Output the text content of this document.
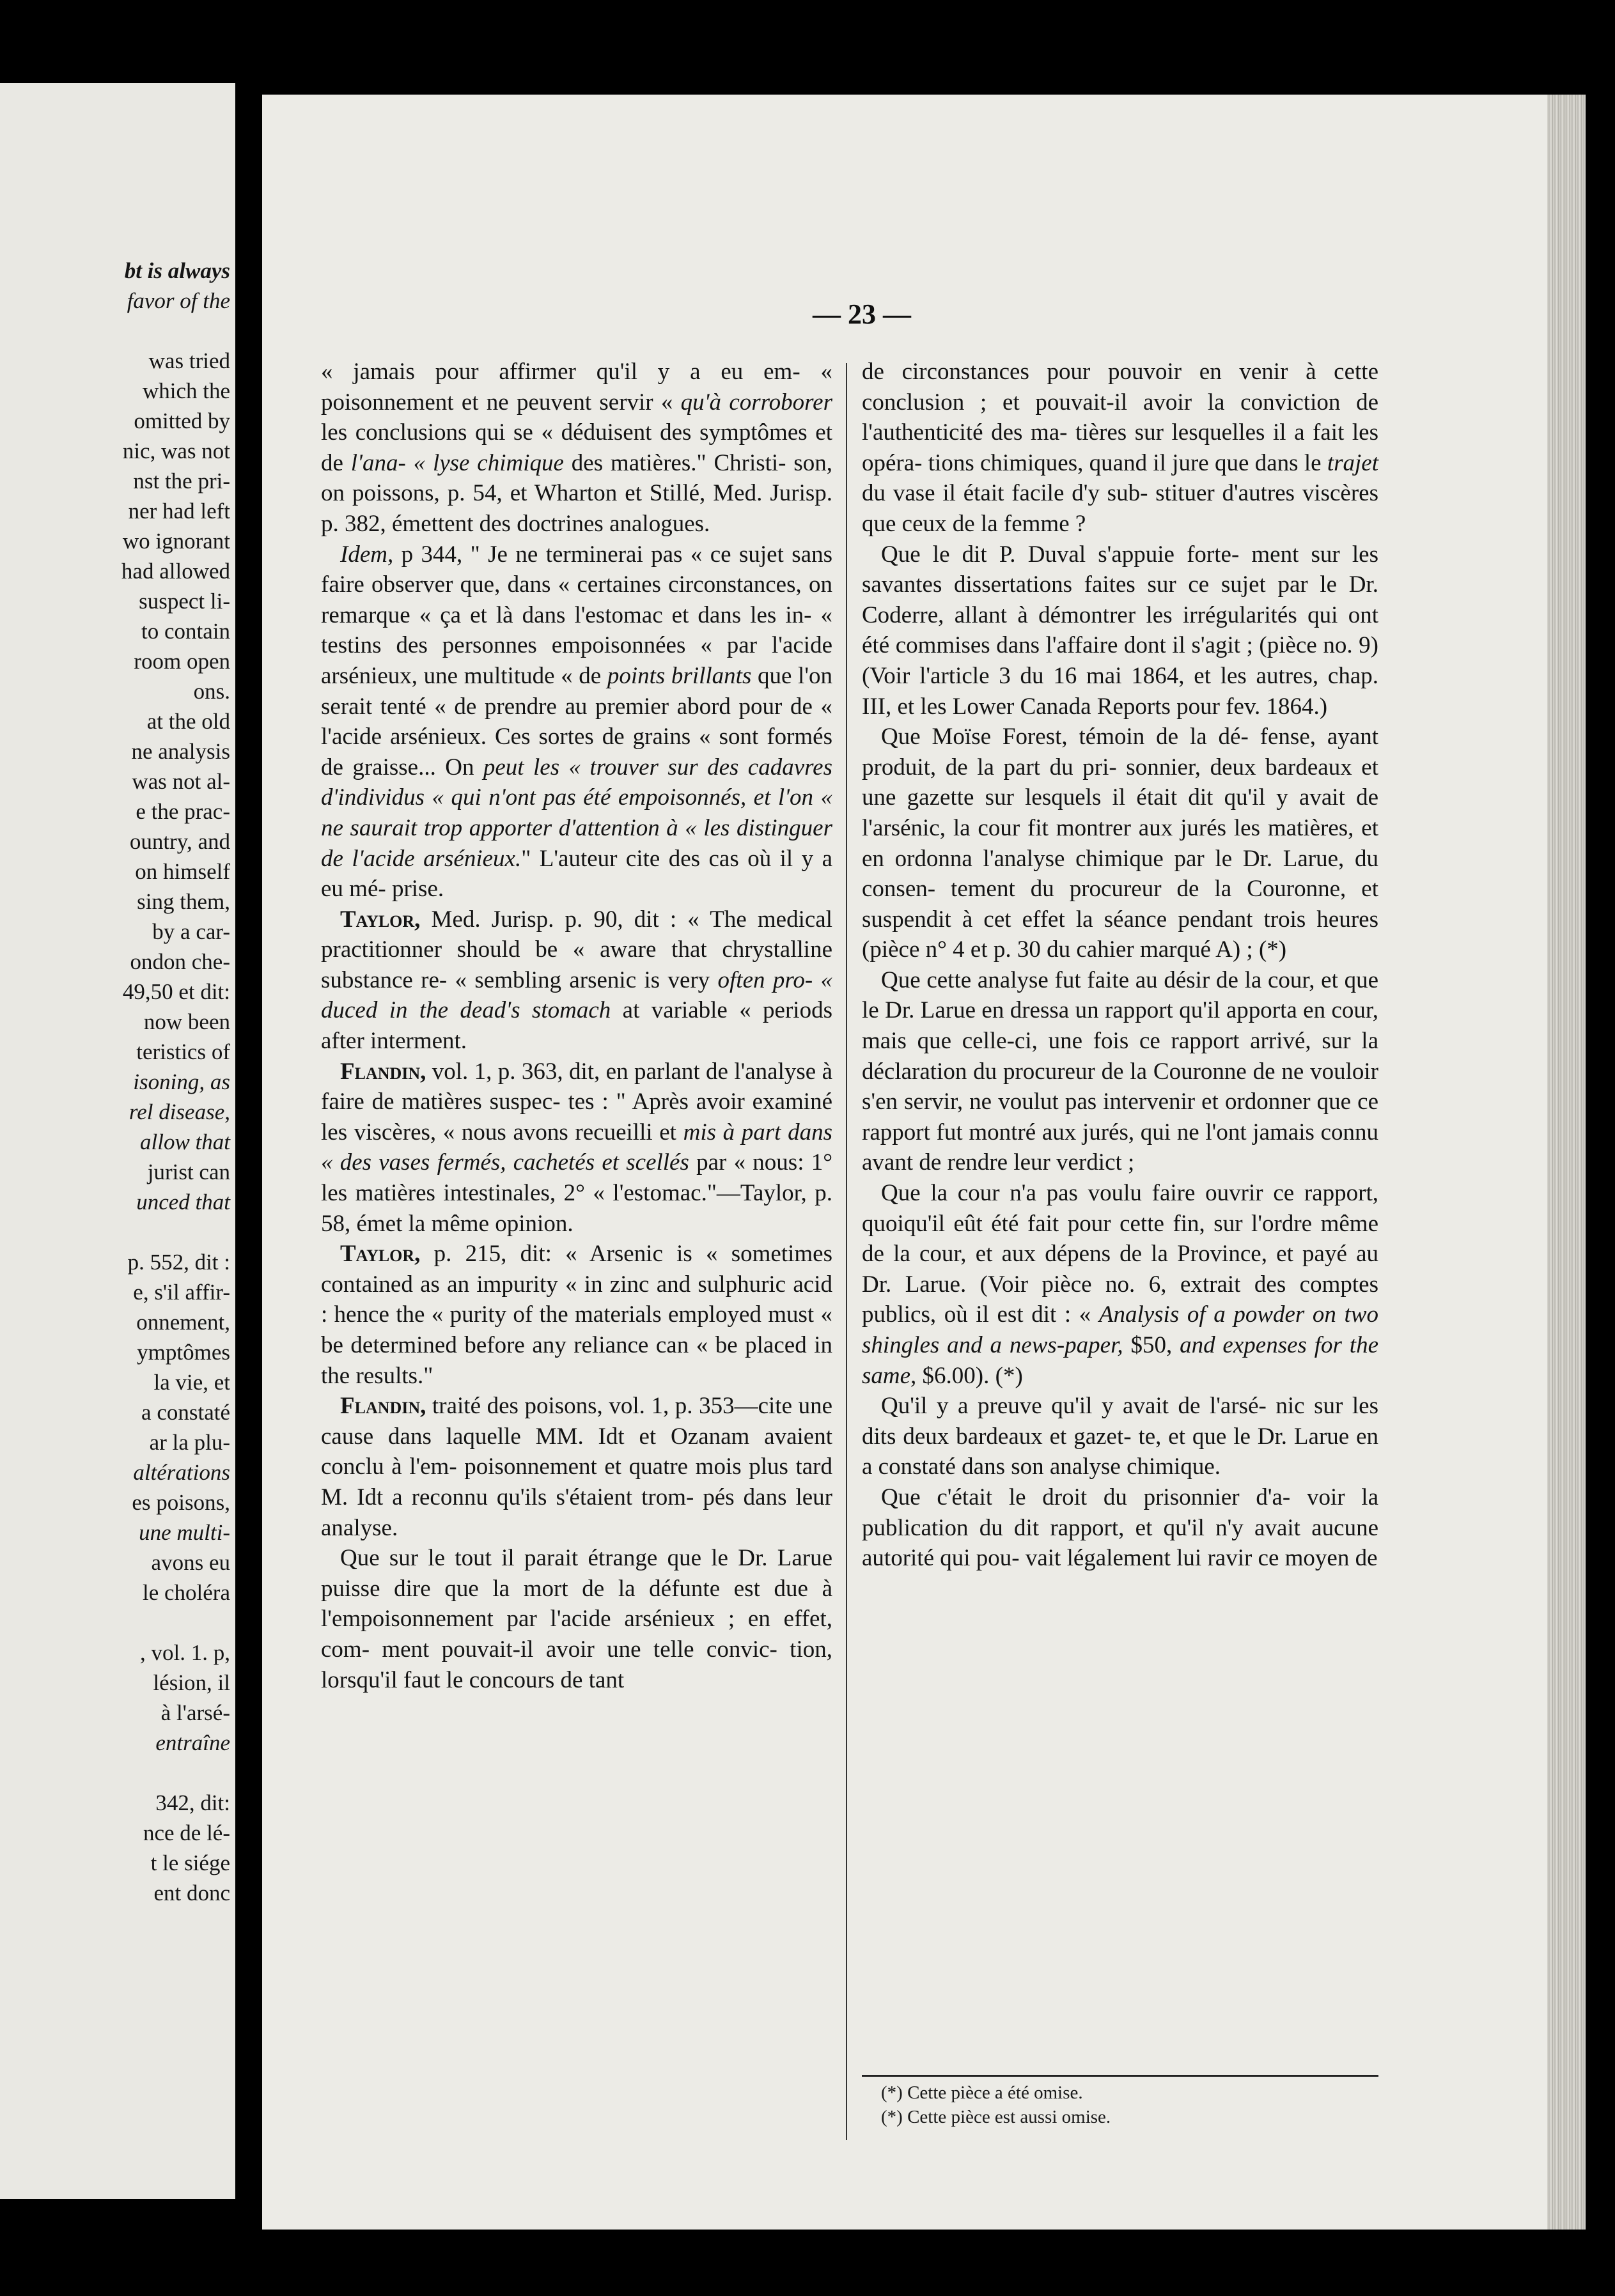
bt is always
favor of the
was tried
which the
omitted by
nic, was not
nst the pri-
ner had left
wo ignorant
had allowed
suspect li-
to contain
room open
ons.
at the old
ne analysis
was not al-
e the prac-
ountry, and
on himself
sing them,
by a car-
ondon che-
49,50 et dit:
now been
teristics of
isoning, as
rel disease,
allow that
jurist can
unced that
p. 552, dit :
e, s'il affir-
onnement,
ymptômes
la vie, et
a constaté
ar la plu-
altérations
es poisons,
une multi-
avons eu
le choléra
, vol. 1. p,
lésion, il
à l'arsé-
entraîne
342, dit:
nce de lé-
t le siége
ent donc
— 23 —

« jamais pour affirmer qu'il y a eu em- « poisonnement et ne peuvent servir « qu'à corroborer les conclusions qui se « déduisent des symptômes et de l'ana- « lyse chimique des matières." Christi- son, on poissons, p. 54, et Wharton et Stillé, Med. Jurisp. p. 382, émettent des doctrines analogues.

Idem, p 344, " Je ne terminerai pas « ce sujet sans faire observer que, dans « certaines circonstances, on remarque « ça et là dans l'estomac et dans les in- « testins des personnes empoisonnées « par l'acide arsénieux, une multitude « de points brillants que l'on serait tenté « de prendre au premier abord pour de « l'acide arsénieux. Ces sortes de grains « sont formés de graisse... On peut les « trouver sur des cadavres d'individus « qui n'ont pas été empoisonnés, et l'on « ne saurait trop apporter d'attention à « les distinguer de l'acide arsénieux." L'auteur cite des cas où il y a eu mé- prise.

Taylor, Med. Jurisp. p. 90, dit : « The medical practitionner should be « aware that chrystalline substance re- « sembling arsenic is very often pro- « duced in the dead's stomach at variable « periods after interment.

Flandin, vol. 1, p. 363, dit, en parlant de l'analyse à faire de matières suspec- tes : " Après avoir examiné les viscères, « nous avons recueilli et mis à part dans « des vases fermés, cachetés et scellés par « nous: 1° les matières intestinales, 2° « l'estomac."—Taylor, p. 58, émet la même opinion.

Taylor, p. 215, dit: « Arsenic is « sometimes contained as an impurity « in zinc and sulphuric acid : hence the « purity of the materials employed must « be determined before any reliance can « be placed in the results."

Flandin, traité des poisons, vol. 1, p. 353—cite une cause dans laquelle MM. Idt et Ozanam avaient conclu à l'em- poisonnement et quatre mois plus tard M. Idt a reconnu qu'ils s'étaient trom- pés dans leur analyse.

Que sur le tout il parait étrange que le Dr. Larue puisse dire que la mort de la défunte est due à l'empoisonnement par l'acide arsénieux ; en effet, com- ment pouvait-il avoir une telle convic- tion, lorsqu'il faut le concours de tant

de circonstances pour pouvoir en venir à cette conclusion ; et pouvait-il avoir la conviction de l'authenticité des ma- tières sur lesquelles il a fait les opéra- tions chimiques, quand il jure que dans le trajet du vase il était facile d'y sub- stituer d'autres viscères que ceux de la femme ?

Que le dit P. Duval s'appuie forte- ment sur les savantes dissertations faites sur ce sujet par le Dr. Coderre, allant à démontrer les irrégularités qui ont été commises dans l'affaire dont il s'agit ; (pièce no. 9) (Voir l'article 3 du 16 mai 1864, et les autres, chap. III, et les Lower Canada Reports pour fev. 1864.)

Que Moïse Forest, témoin de la dé- fense, ayant produit, de la part du pri- sonnier, deux bardeaux et une gazette sur lesquels il était dit qu'il y avait de l'arsénic, la cour fit montrer aux jurés les matières, et en ordonna l'analyse chimique par le Dr. Larue, du consen- tement du procureur de la Couronne, et suspendit à cet effet la séance pendant trois heures (pièce n° 4 et p. 30 du cahier marqué A) ; (*)

Que cette analyse fut faite au désir de la cour, et que le Dr. Larue en dressa un rapport qu'il apporta en cour, mais que celle-ci, une fois ce rapport arrivé, sur la déclaration du procureur de la Couronne de ne vouloir s'en servir, ne voulut pas intervenir et ordonner que ce rapport fut montré aux jurés, qui ne l'ont jamais connu avant de rendre leur verdict ;

Que la cour n'a pas voulu faire ouvrir ce rapport, quoiqu'il eût été fait pour cette fin, sur l'ordre même de la cour, et aux dépens de la Province, et payé au Dr. Larue. (Voir pièce no. 6, extrait des comptes publics, où il est dit : « Analysis of a powder on two shingles and a news-paper, $50, and expenses for the same, $6.00). (*)

Qu'il y a preuve qu'il y avait de l'arsé- nic sur les dits deux bardeaux et gazet- te, et que le Dr. Larue en a constaté dans son analyse chimique.

Que c'était le droit du prisonnier d'a- voir la publication du dit rapport, et qu'il n'y avait aucune autorité qui pou- vait légalement lui ravir ce moyen de

(*) Cette pièce a été omise.
(*) Cette pièce est aussi omise.
